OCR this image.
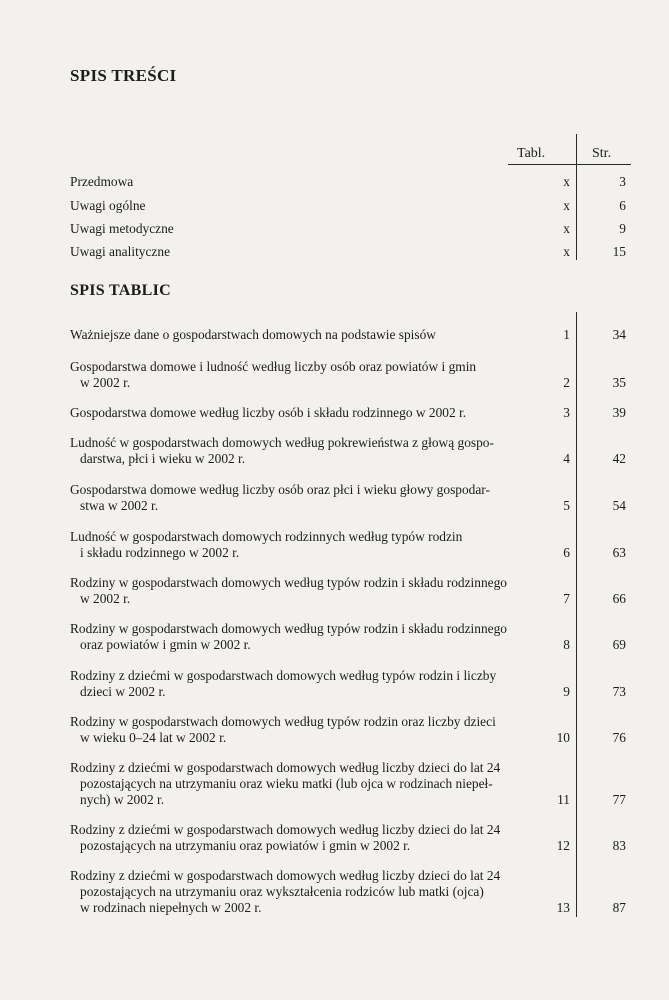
SPIS TREŚCI
Tabl.	Str.
Przedmowa	x	3
Uwagi ogólne	x	6
Uwagi metodyczne	x	9
Uwagi analityczne	x	15
SPIS TABLIC
Ważniejsze dane o gospodarstwach domowych na podstawie spisów	1	34
Gospodarstwa domowe i ludność według liczby osób oraz powiatów i gmin
w 2002 r.	2	35
Gospodarstwa domowe według liczby osób i składu rodzinnego w 2002 r.	3	39
Ludność w gospodarstwach domowych według pokrewieństwa z głową gospo-
darstwa, płci i wieku w 2002 r.	4	42
Gospodarstwa domowe według liczby osób oraz płci i wieku głowy gospodar-
stwa w 2002 r.	5	54
Ludność w gospodarstwach domowych rodzinnych według typów rodzin
i składu rodzinnego w 2002 r.	6	63
Rodziny w gospodarstwach domowych według typów rodzin i składu rodzinnego
w 2002 r.	7	66
Rodziny w gospodarstwach domowych według typów rodzin i składu rodzinnego
oraz powiatów i gmin w 2002 r.	8	69
Rodziny z dziećmi w gospodarstwach domowych według typów rodzin i liczby
dzieci w 2002 r.	9	73
Rodziny w gospodarstwach domowych według typów rodzin oraz liczby dzieci
w wieku 0–24 lat w 2002 r.	10	76
Rodziny z dziećmi w gospodarstwach domowych według liczby dzieci do lat 24
pozostających na utrzymaniu oraz wieku matki (lub ojca w rodzinach niepeł-
nych) w 2002 r.	11	77
Rodziny z dziećmi w gospodarstwach domowych według liczby dzieci do lat 24
pozostających na utrzymaniu oraz powiatów i gmin w 2002 r.	12	83
Rodziny z dziećmi w gospodarstwach domowych według liczby dzieci do lat 24
pozostających na utrzymaniu oraz wykształcenia rodziców lub matki (ojca)
w rodzinach niepełnych w 2002 r.	13	87
